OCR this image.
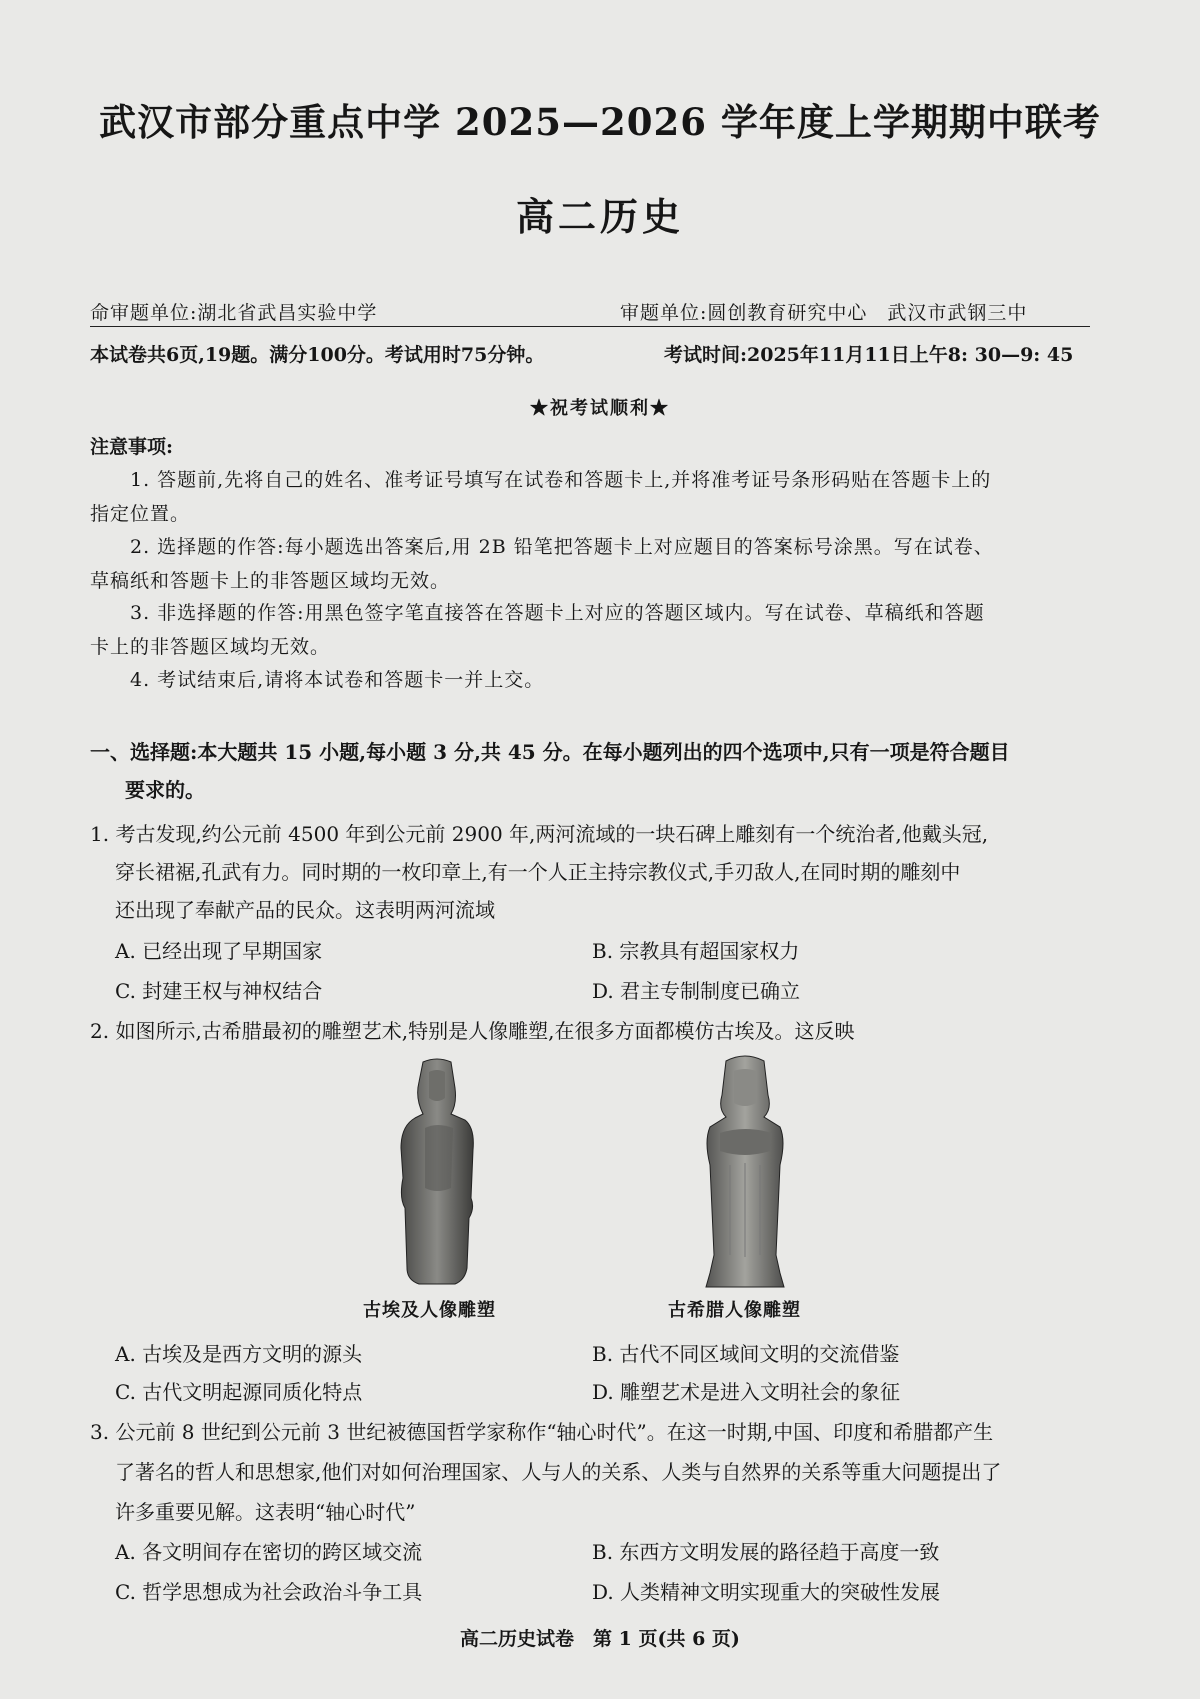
武汉市部分重点中学 2025—2026 学年度上学期期中联考
高二历史
命审题单位:湖北省武昌实验中学	审题单位:圆创教育研究中心　武汉市武钢三中
本试卷共6页,19题。满分100分。考试用时75分钟。	考试时间:2025年11月11日上午8: 30—9: 45
★祝考试顺利★
注意事项:
1. 答题前,先将自己的姓名、准考证号填写在试卷和答题卡上,并将准考证号条形码贴在答题卡上的
指定位置。
2. 选择题的作答:每小题选出答案后,用 2B 铅笔把答题卡上对应题目的答案标号涂黑。写在试卷、
草稿纸和答题卡上的非答题区域均无效。
3. 非选择题的作答:用黑色签字笔直接答在答题卡上对应的答题区域内。写在试卷、草稿纸和答题
卡上的非答题区域均无效。
4. 考试结束后,请将本试卷和答题卡一并上交。
一、选择题:本大题共 15 小题,每小题 3 分,共 45 分。在每小题列出的四个选项中,只有一项是符合题目
要求的。
1. 考古发现,约公元前 4500 年到公元前 2900 年,两河流域的一块石碑上雕刻有一个统治者,他戴头冠,
穿长裙裾,孔武有力。同时期的一枚印章上,有一个人正主持宗教仪式,手刃敌人,在同时期的雕刻中
还出现了奉献产品的民众。这表明两河流域
A. 已经出现了早期国家	B. 宗教具有超国家权力
C. 封建王权与神权结合	D. 君主专制制度已确立
2. 如图所示,古希腊最初的雕塑艺术,特别是人像雕塑,在很多方面都模仿古埃及。这反映
古埃及人像雕塑	古希腊人像雕塑
A. 古埃及是西方文明的源头	B. 古代不同区域间文明的交流借鉴
C. 古代文明起源同质化特点	D. 雕塑艺术是进入文明社会的象征
3. 公元前 8 世纪到公元前 3 世纪被德国哲学家称作“轴心时代”。在这一时期,中国、印度和希腊都产生
了著名的哲人和思想家,他们对如何治理国家、人与人的关系、人类与自然界的关系等重大问题提出了
许多重要见解。这表明“轴心时代”
A. 各文明间存在密切的跨区域交流	B. 东西方文明发展的路径趋于高度一致
C. 哲学思想成为社会政治斗争工具	D. 人类精神文明实现重大的突破性发展
高二历史试卷　第 1 页(共 6 页)
